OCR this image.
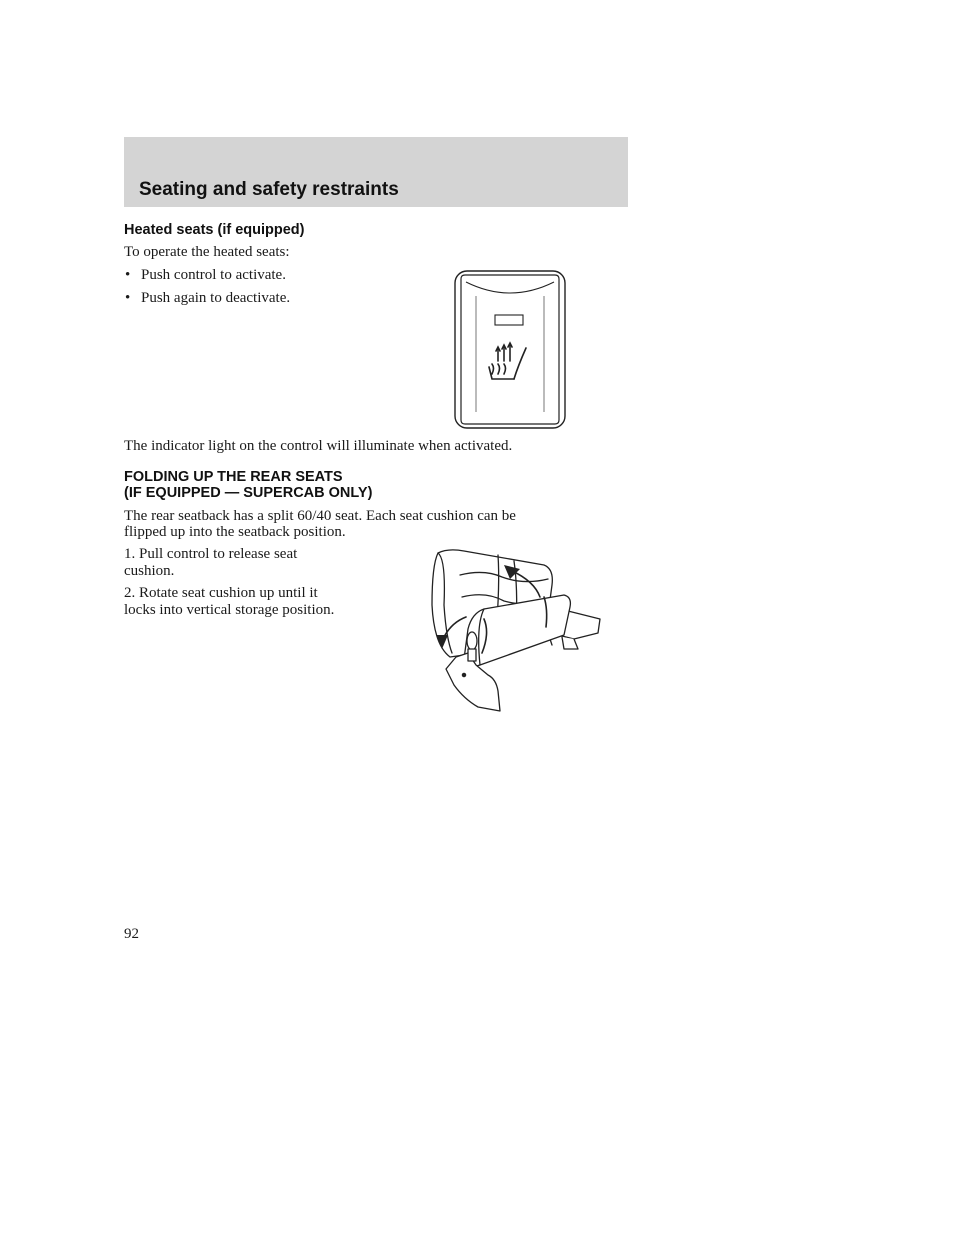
Seating and safety restraints
Heated seats (if equipped)

To operate the heated seats:

• Push control to activate.
• Push again to deactivate.

The indicator light on the control will illuminate when activated.

FOLDING UP THE REAR SEATS
(IF EQUIPPED — SUPERCAB ONLY)

The rear seatback has a split 60/40 seat. Each seat cushion can be

flipped up into the seatback position.

1. Pull control to release seat

cushion.

2. Rotate seat cushion up until it

locks into vertical storage position.

92
